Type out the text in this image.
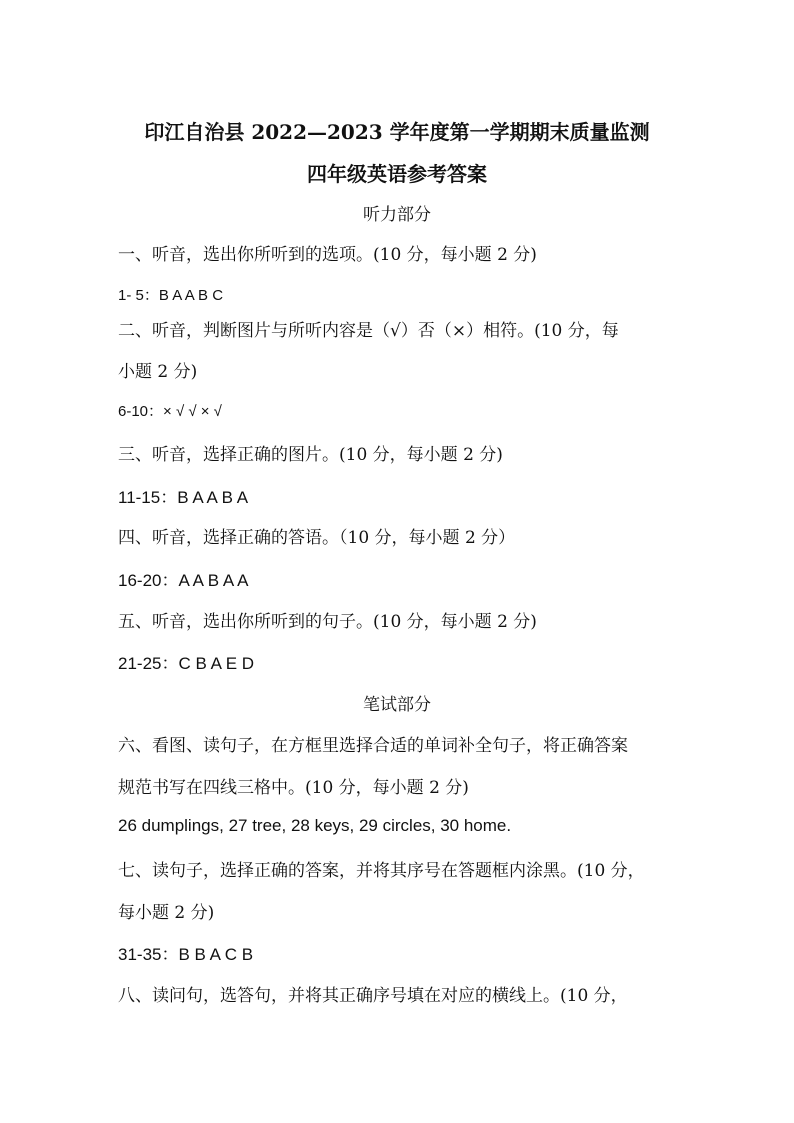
印江自治县 2022—2023 学年度第一学期期末质量监测
四年级英语参考答案
听力部分
一、听音，选出你所听到的选项。(10 分，每小题 2 分)
1- 5：B A A B C
二、听音，判断图片与所听内容是（√）否（×）相符。(10 分，每
小题 2 分)
6-10：× √ √ × √
三、听音，选择正确的图片。(10 分，每小题 2 分)
11-15：B A A B A
四、听音，选择正确的答语。（10 分，每小题 2 分）
16-20：A A B A A
五、听音，选出你所听到的句子。(10 分，每小题 2 分)
21-25：C B A E D
笔试部分
六、看图、读句子，在方框里选择合适的单词补全句子，将正确答案
规范书写在四线三格中。(10 分，每小题 2 分)
26 dumplings, 27 tree, 28 keys, 29 circles, 30 home.
七、读句子，选择正确的答案，并将其序号在答题框内涂黑。(10 分，
每小题 2 分)
31-35：B B A C B
八、读问句，选答句，并将其正确序号填在对应的横线上。(10 分，
